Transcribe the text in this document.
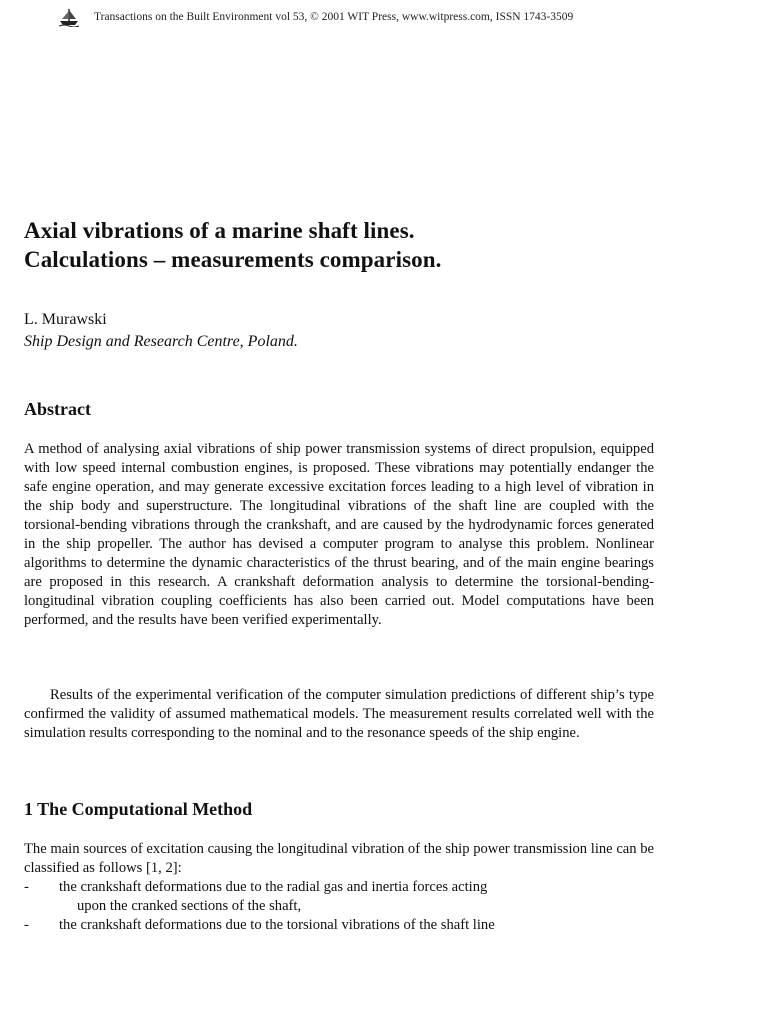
Transactions on the Built Environment vol 53, © 2001 WIT Press, www.witpress.com, ISSN 1743-3509
Axial vibrations of a marine shaft lines.
Calculations – measurements comparison.
L. Murawski
Ship Design and Research Centre, Poland.
Abstract

A method of analysing axial vibrations of ship power transmission systems of direct propulsion, equipped with low speed internal combustion engines, is proposed. These vibrations may potentially endanger the safe engine operation, and may generate excessive excitation forces leading to a high level of vibration in the ship body and superstructure. The longitudinal vibrations of the shaft line are coupled with the torsional-bending vibrations through the crankshaft, and are caused by the hydrodynamic forces generated in the ship propeller. The author has devised a computer program to analyse this problem. Nonlinear algorithms to determine the dynamic characteristics of the thrust bearing, and of the main engine bearings are proposed in this research. A crankshaft deformation analysis to determine the torsional-bending-longitudinal vibration coupling coefficients has also been carried out. Model computations have been performed, and the results have been verified experimentally.

Results of the experimental verification of the computer simulation predictions of different ship’s type confirmed the validity of assumed mathematical models. The measurement results correlated well with the simulation results corresponding to the nominal and to the resonance speeds of the ship engine.

1 The Computational Method

The main sources of excitation causing the longitudinal vibration of the ship power transmission line can be classified as follows [1, 2]:

- the crankshaft deformations due to the radial gas and inertia forces acting
upon the cranked sections of the shaft,
- the crankshaft deformations due to the torsional vibrations of the shaft line
